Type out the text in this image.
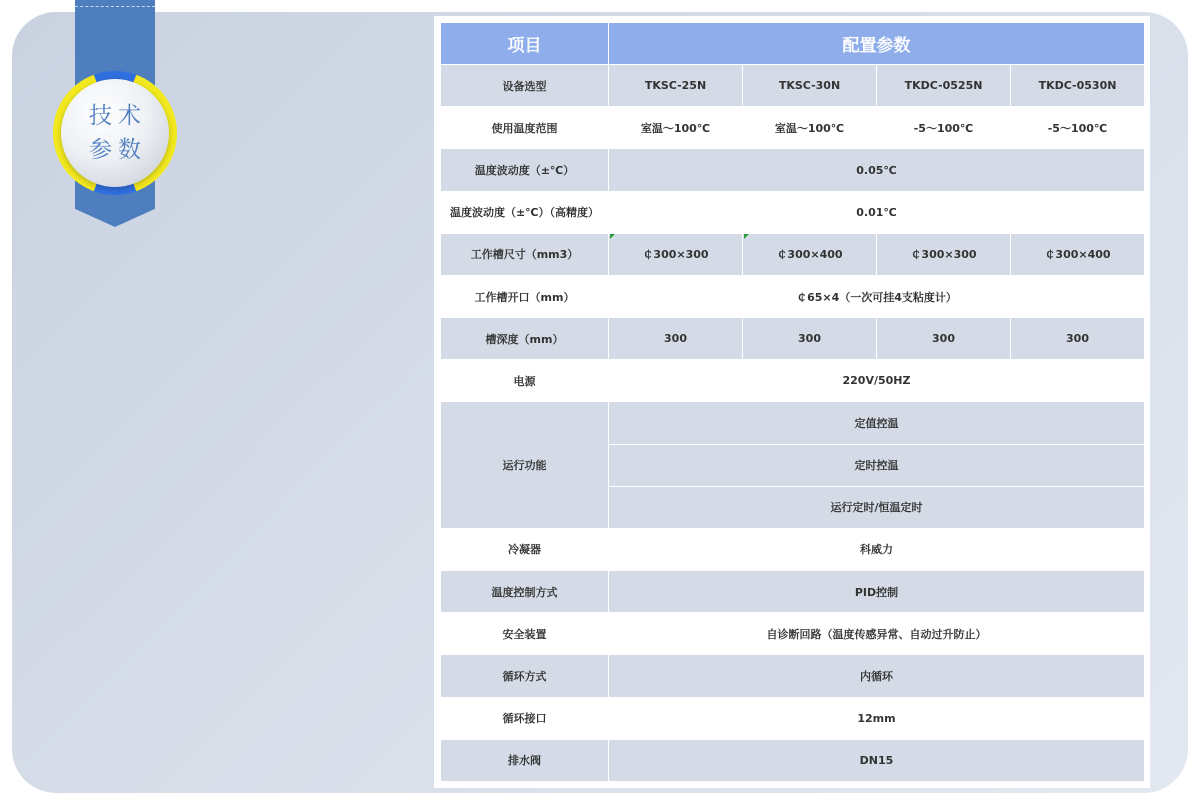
技术
参数
项目	配置参数			
设备选型	TKSC-25N	TKSC-30N	TKDC-0525N	TKDC-0530N
使用温度范围	室温～100℃	室温～100℃	-5～100℃	-5～100℃
温度波动度（±℃）	0.05℃			
温度波动度（±℃）（高精度）	0.01℃			
工作槽尺寸（mm3）	￠300×300	￠300×400	￠300×300	￠300×400
工作槽开口（mm）	￠65×4（一次可挂4支粘度计）			
槽深度（mm）	300	300	300	300
电源	220V/50HZ			
运行功能	定值控温			
	定时控温			
	运行定时/恒温定时			
冷凝器	科威力			
温度控制方式	PID控制			
安全装置	自诊断回路（温度传感异常、自动过升防止）			
循环方式	内循环			
循环接口	12mm			
排水阀	DN15			
